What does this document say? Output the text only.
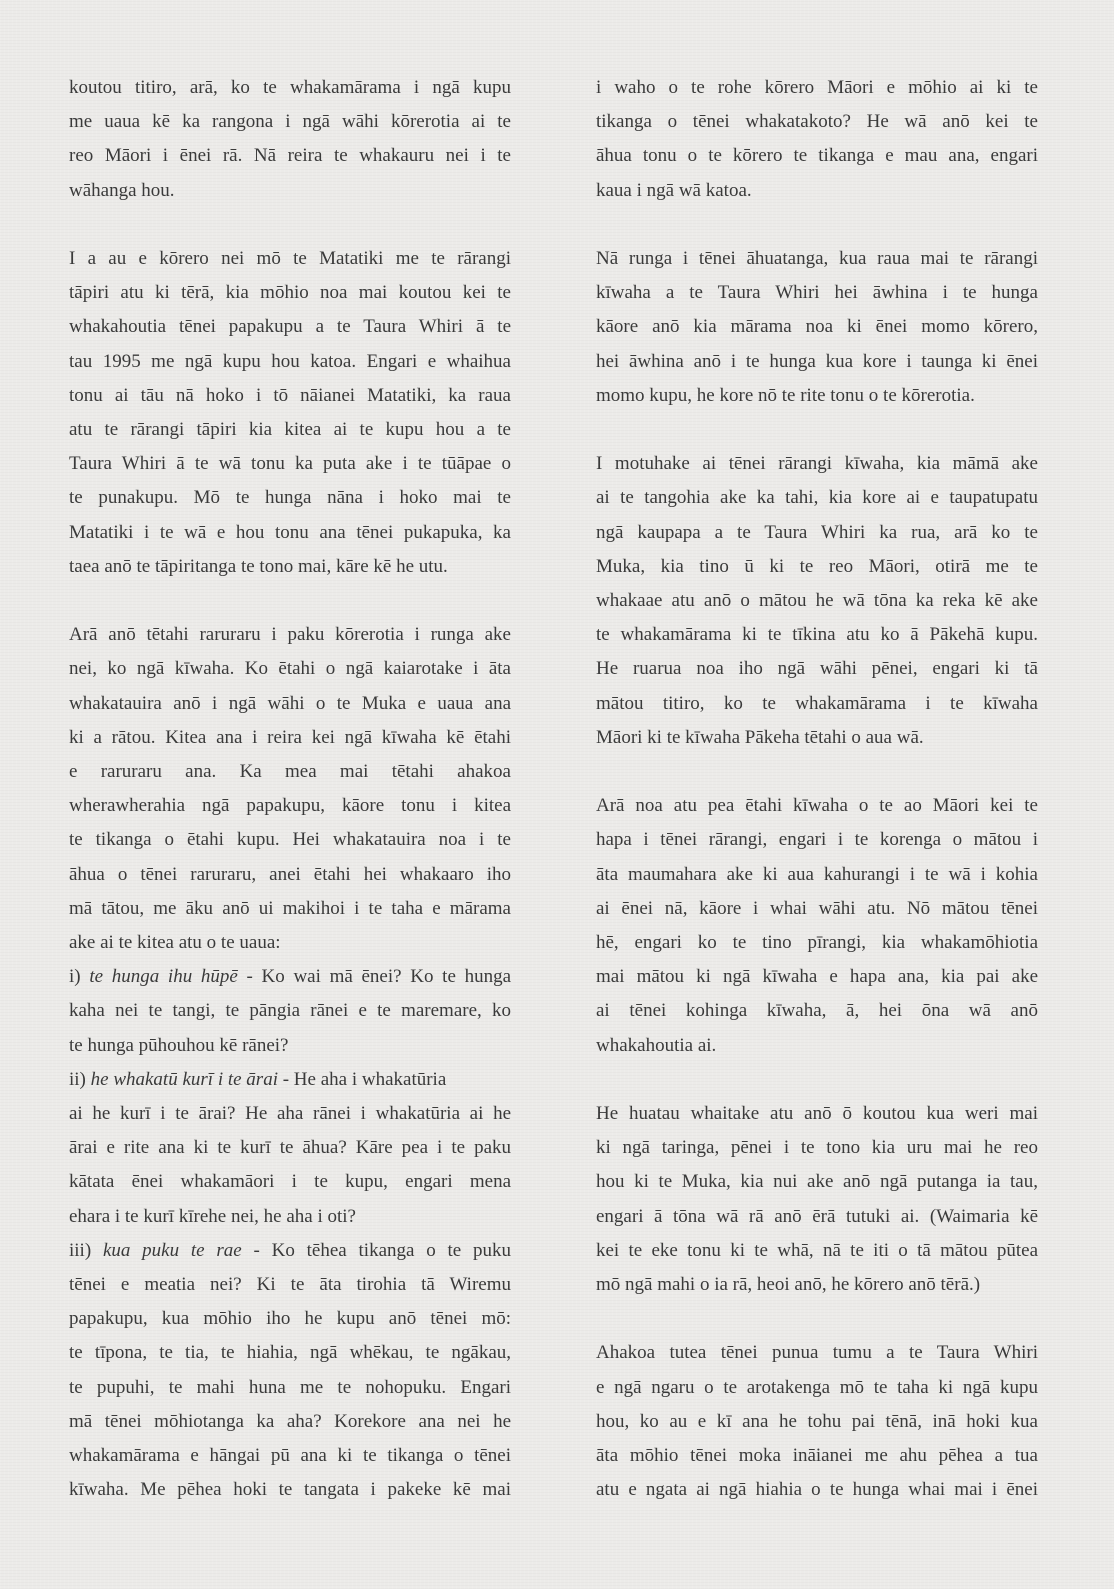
koutou titiro, arā, ko te whakamārama i ngā kupu
me uaua kē ka rangona i ngā wāhi kōrerotia ai te
reo Māori i ēnei rā. Nā reira te whakauru nei i te
wāhanga hou.

I a au e kōrero nei mō te Matatiki me te rārangi
tāpiri atu ki tērā, kia mōhio noa mai koutou kei te
whakahoutia tēnei papakupu a te Taura Whiri ā te
tau 1995 me ngā kupu hou katoa. Engari e whaihua
tonu ai tāu nā hoko i tō nāianei Matatiki, ka raua
atu te rārangi tāpiri kia kitea ai te kupu hou a te
Taura Whiri ā te wā tonu ka puta ake i te tūāpae o
te punakupu. Mō te hunga nāna i hoko mai te
Matatiki i te wā e hou tonu ana tēnei pukapuka, ka
taea anō te tāpiritanga te tono mai, kāre kē he utu.

Arā anō tētahi raruraru i paku kōrerotia i runga ake
nei, ko ngā kīwaha. Ko ētahi o ngā kaiarotake i āta
whakatauira anō i ngā wāhi o te Muka e uaua ana
ki a rātou. Kitea ana i reira kei ngā kīwaha kē ētahi
e raruraru ana. Ka mea mai tētahi ahakoa
wherawherahia ngā papakupu, kāore tonu i kitea
te tikanga o ētahi kupu. Hei whakatauira noa i te
āhua o tēnei raruraru, anei ētahi hei whakaaro iho
mā tātou, me āku anō ui makihoi i te taha e mārama
ake ai te kitea atu o te uaua:

i) te hunga ihu hūpē - Ko wai mā ēnei? Ko te hunga
kaha nei te tangi, te pāngia rānei e te maremare, ko
te hunga pūhouhou kē rānei?

ii) he whakatū kurī i te ārai - He aha i whakatūria
ai he kurī i te ārai? He aha rānei i whakatūria ai he
ārai e rite ana ki te kurī te āhua? Kāre pea i te paku
kātata ēnei whakamāori i te kupu, engari mena
ehara i te kurī kīrehe nei, he aha i oti?

iii) kua puku te rae - Ko tēhea tikanga o te puku
tēnei e meatia nei? Ki te āta tirohia tā Wiremu
papakupu, kua mōhio iho he kupu anō tēnei mō:
te tīpona, te tia, te hiahia, ngā whēkau, te ngākau,
te pupuhi, te mahi huna me te nohopuku. Engari
mā tēnei mōhiotanga ka aha? Korekore ana nei he
whakamārama e hāngai pū ana ki te tikanga o tēnei
kīwaha. Me pēhea hoki te tangata i pakeke kē mai

i waho o te rohe kōrero Māori e mōhio ai ki te
tikanga o tēnei whakatakoto? He wā anō kei te
āhua tonu o te kōrero te tikanga e mau ana, engari
kaua i ngā wā katoa.

Nā runga i tēnei āhuatanga, kua raua mai te rārangi
kīwaha a te Taura Whiri hei āwhina i te hunga
kāore anō kia mārama noa ki ēnei momo kōrero,
hei āwhina anō i te hunga kua kore i taunga ki ēnei
momo kupu, he kore nō te rite tonu o te kōrerotia.

I motuhake ai tēnei rārangi kīwaha, kia māmā ake
ai te tangohia ake ka tahi, kia kore ai e taupatupatu
ngā kaupapa a te Taura Whiri ka rua, arā ko te
Muka, kia tino ū ki te reo Māori, otirā me te
whakaae atu anō o mātou he wā tōna ka reka kē ake
te whakamārama ki te tīkina atu ko ā Pākehā kupu.
He ruarua noa iho ngā wāhi pēnei, engari ki tā
mātou titiro, ko te whakamārama i te kīwaha
Māori ki te kīwaha Pākeha tētahi o aua wā.

Arā noa atu pea ētahi kīwaha o te ao Māori kei te
hapa i tēnei rārangi, engari i te korenga o mātou i
āta maumahara ake ki aua kahurangi i te wā i kohia
ai ēnei nā, kāore i whai wāhi atu. Nō mātou tēnei
hē, engari ko te tino pīrangi, kia whakamōhiotia
mai mātou ki ngā kīwaha e hapa ana, kia pai ake
ai tēnei kohinga kīwaha, ā, hei ōna wā anō
whakahoutia ai.

He huatau whaitake atu anō ō koutou kua weri mai
ki ngā taringa, pēnei i te tono kia uru mai he reo
hou ki te Muka, kia nui ake anō ngā putanga ia tau,
engari ā tōna wā rā anō ērā tutuki ai. (Waimaria kē
kei te eke tonu ki te whā, nā te iti o tā mātou pūtea
mō ngā mahi o ia rā, heoi anō, he kōrero anō tērā.)

Ahakoa tutea tēnei punua tumu a te Taura Whiri
e ngā ngaru o te arotakenga mō te taha ki ngā kupu
hou, ko au e kī ana he tohu pai tēnā, inā hoki kua
āta mōhio tēnei moka ināianei me ahu pēhea a tua
atu e ngata ai ngā hiahia o te hunga whai mai i ēnei
